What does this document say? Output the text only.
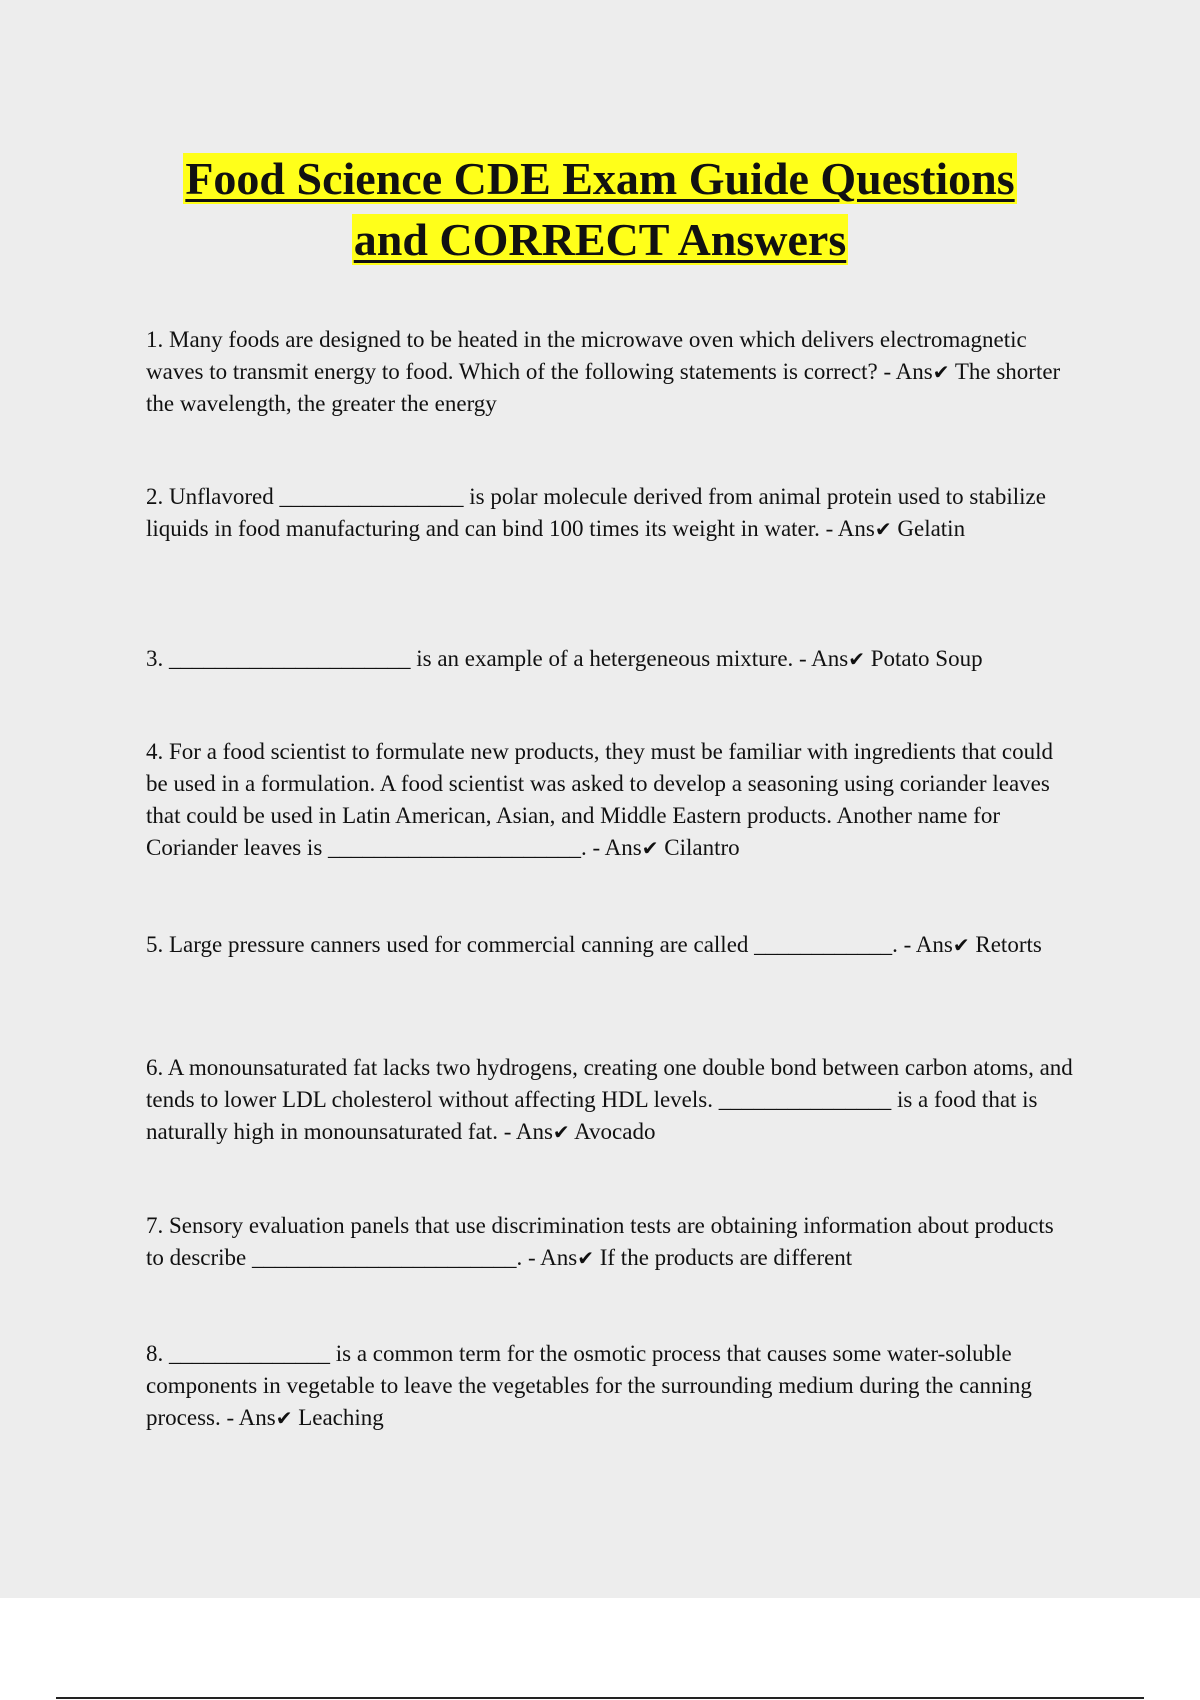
Food Science CDE Exam Guide Questions
and CORRECT Answers

1. Many foods are designed to be heated in the microwave oven which delivers electromagnetic waves to transmit energy to food. Which of the following statements is correct? - Ans✔ The shorter the wavelength, the greater the energy

2. Unflavored ________________ is polar molecule derived from animal protein used to stabilize liquids in food manufacturing and can bind 100 times its weight in water. - Ans✔ Gelatin

3. _____________________ is an example of a hetergeneous mixture. - Ans✔ Potato Soup

4. For a food scientist to formulate new products, they must be familiar with ingredients that could be used in a formulation. A food scientist was asked to develop a seasoning using coriander leaves that could be used in Latin American, Asian, and Middle Eastern products. Another name for Coriander leaves is ______________________. - Ans✔ Cilantro

5. Large pressure canners used for commercial canning are called ____________. - Ans✔ Retorts

6. A monounsaturated fat lacks two hydrogens, creating one double bond between carbon atoms, and tends to lower LDL cholesterol without affecting HDL levels. _______________ is a food that is naturally high in monounsaturated fat. - Ans✔ Avocado

7. Sensory evaluation panels that use discrimination tests are obtaining information about products to describe _______________________. - Ans✔ If the products are different

8. ______________ is a common term for the osmotic process that causes some water-soluble components in vegetable to leave the vegetables for the surrounding medium during the canning process. - Ans✔ Leaching
